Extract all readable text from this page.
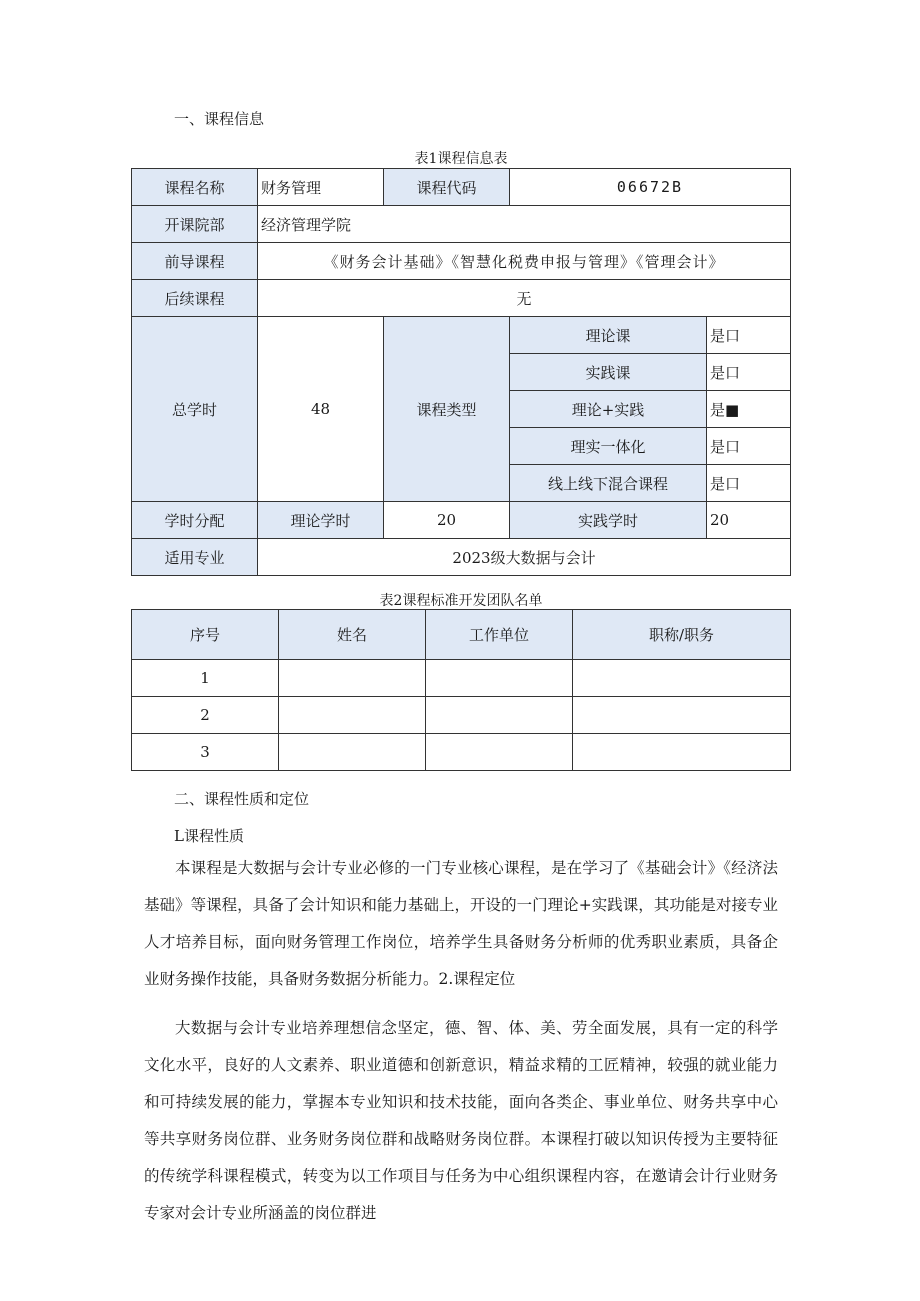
一、课程信息
表1课程信息表
课程名称	财务管理	课程代码	06672B	
开课院部	经济管理学院			
前导课程	《财务会计基础》《智慧化税费申报与管理》《管理会计》			
后续课程	无			
总学时	48	课程类型	理论课	是口
			实践课	是口
			理论+实践	是■
			理实一体化	是口
			线上线下混合课程	是口
学时分配	理论学时	20	实践学时	20
适用专业	2023级大数据与会计			
表2课程标准开发团队名单
序号	姓名	工作单位	职称/职务
1			
2			
3			
二、课程性质和定位
L课程性质
本课程是大数据与会计专业必修的一门专业核心课程，是在学习了《基础会计》《经济法基础》等课程，具备了会计知识和能力基础上，开设的一门理论+实践课，其功能是对接专业人才培养目标，面向财务管理工作岗位，培养学生具备财务分析师的优秀职业素质，具备企业财务操作技能，具备财务数据分析能力。2.课程定位
大数据与会计专业培养理想信念坚定，德、智、体、美、劳全面发展，具有一定的科学文化水平，良好的人文素养、职业道德和创新意识，精益求精的工匠精神，较强的就业能力和可持续发展的能力，掌握本专业知识和技术技能，面向各类企、事业单位、财务共享中心等共享财务岗位群、业务财务岗位群和战略财务岗位群。本课程打破以知识传授为主要特征的传统学科课程模式，转变为以工作项目与任务为中心组织课程内容，在邀请会计行业财务专家对会计专业所涵盖的岗位群进
